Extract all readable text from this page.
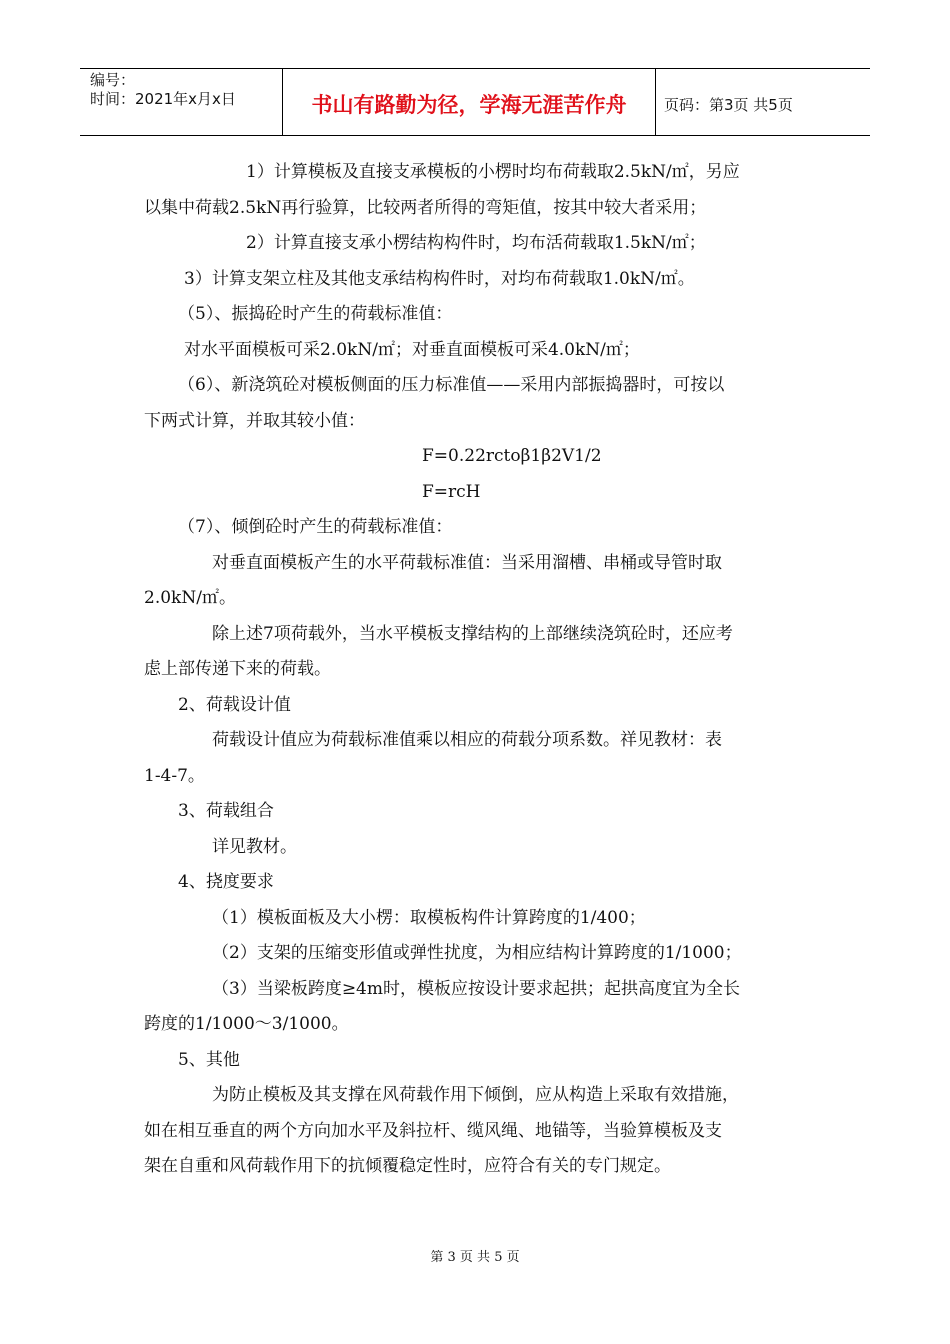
编号：
时间：2021年x月x日	书山有路勤为径，学海无涯苦作舟	页码：第3页 共5页

1）计算模板及直接支承模板的小楞时均布荷载取2.5kN/㎡，另应

以集中荷载2.5kN再行验算，比较两者所得的弯矩值，按其中较大者采用；

2）计算直接支承小楞结构构件时，均布活荷载取1.5kN/㎡；

3）计算支架立柱及其他支承结构构件时，对均布荷载取1.0kN/㎡。

（5）、振捣砼时产生的荷载标准值：

对水平面模板可采2.0kN/㎡；对垂直面模板可采4.0kN/㎡；

（6）、新浇筑砼对模板侧面的压力标准值——采用内部振捣器时，可按以

下两式计算，并取其较小值：

F=0.22rctoβ1β2V1/2

F=rcH

（7）、倾倒砼时产生的荷载标准值：

对垂直面模板产生的水平荷载标准值：当采用溜槽、串桶或导管时取

2.0kN/㎡。

除上述7项荷载外，当水平模板支撑结构的上部继续浇筑砼时，还应考

虑上部传递下来的荷载。

2、荷载设计值

荷载设计值应为荷载标准值乘以相应的荷载分项系数。祥见教材：表

1-4-7。

3、荷载组合

详见教材。

4、挠度要求

（1）模板面板及大小楞：取模板构件计算跨度的1/400；

（2）支架的压缩变形值或弹性扰度，为相应结构计算跨度的1/1000；

（3）当梁板跨度≥4m时，模板应按设计要求起拱；起拱高度宜为全长

跨度的1/1000～3/1000。

5、其他

为防止模板及其支撑在风荷载作用下倾倒，应从构造上采取有效措施，

如在相互垂直的两个方向加水平及斜拉杆、缆风绳、地锚等，当验算模板及支

架在自重和风荷载作用下的抗倾覆稳定性时，应符合有关的专门规定。

第 3 页 共 5 页
